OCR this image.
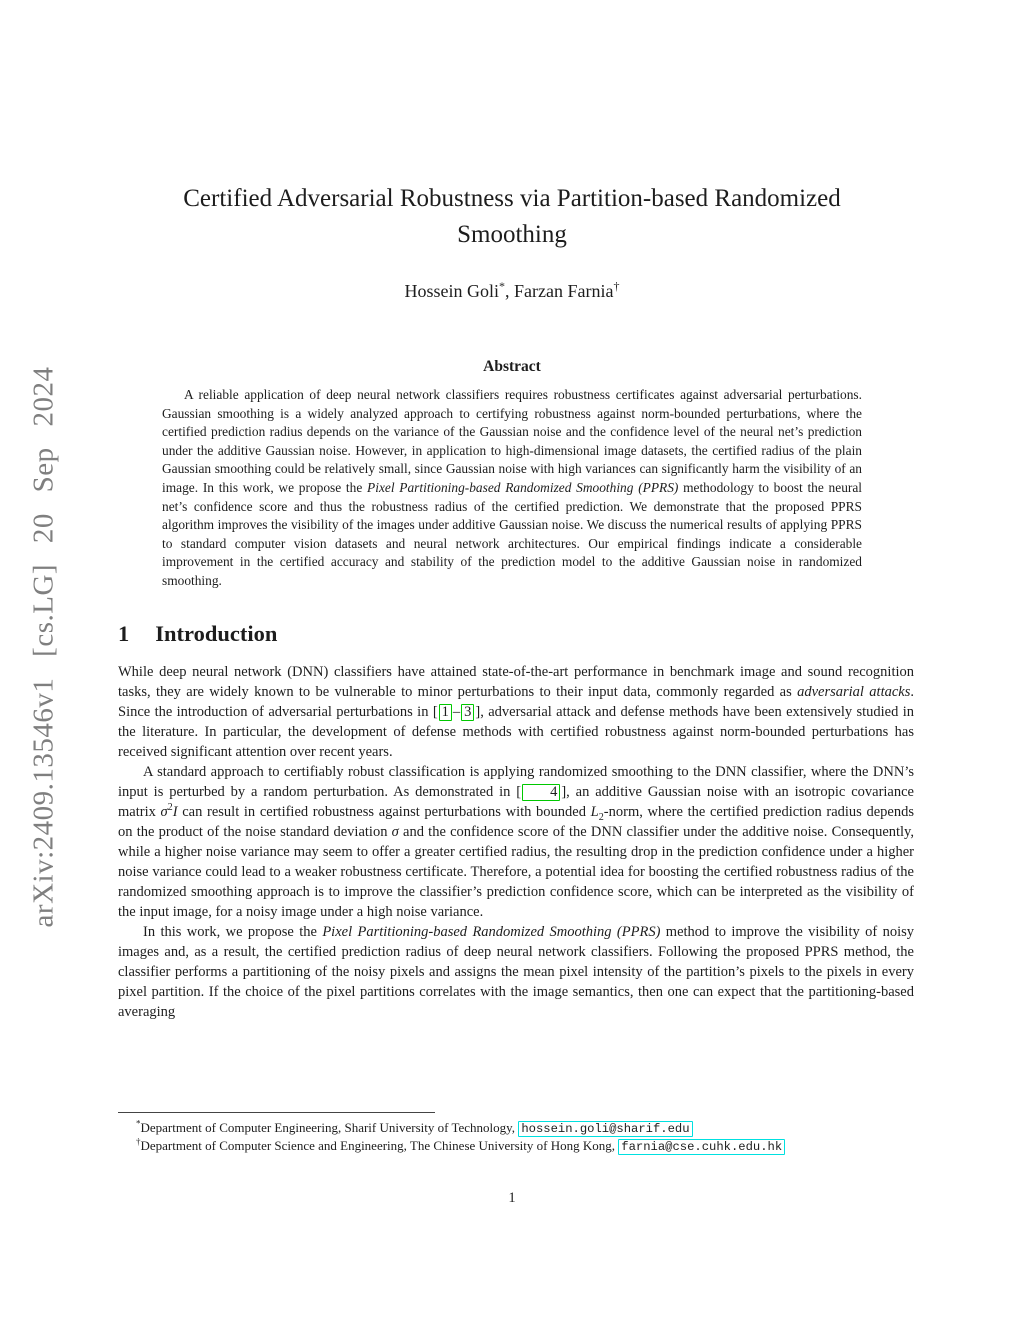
arXiv:2409.13546v1 [cs.LG] 20 Sep 2024
Certified Adversarial Robustness via Partition-based Randomized Smoothing
Hossein Goli*, Farzan Farnia†
Abstract

A reliable application of deep neural network classifiers requires robustness certificates against adversarial perturbations. Gaussian smoothing is a widely analyzed approach to certifying robustness against norm-bounded perturbations, where the certified prediction radius depends on the variance of the Gaussian noise and the confidence level of the neural net’s prediction under the additive Gaussian noise. However, in application to high-dimensional image datasets, the certified radius of the plain Gaussian smoothing could be relatively small, since Gaussian noise with high variances can significantly harm the visibility of an image. In this work, we propose the Pixel Partitioning-based Randomized Smoothing (PPRS) methodology to boost the neural net’s confidence score and thus the robustness radius of the certified prediction. We demonstrate that the proposed PPRS algorithm improves the visibility of the images under additive Gaussian noise. We discuss the numerical results of applying PPRS to standard computer vision datasets and neural network architectures. Our empirical findings indicate a considerable improvement in the certified accuracy and stability of the prediction model to the additive Gaussian noise in randomized smoothing.

1 Introduction

While deep neural network (DNN) classifiers have attained state-of-the-art performance in benchmark image and sound recognition tasks, they are widely known to be vulnerable to minor perturbations to their input data, commonly regarded as adversarial attacks. Since the introduction of adversarial perturbations in [ 1 – 3 ], adversarial attack and defense methods have been extensively studied in the literature. In particular, the development of defense methods with certified robustness against norm-bounded perturbations has received significant attention over recent years.

A standard approach to certifiably robust classification is applying randomized smoothing to the DNN classifier, where the DNN’s input is perturbed by a random perturbation. As demonstrated in [ 4 ], an additive Gaussian noise with an isotropic covariance matrix $\sigma^2I$ can result in certified robustness against perturbations with bounded $L_2$-norm, where the certified prediction radius depends on the product of the noise standard deviation σ and the confidence score of the DNN classifier under the additive noise. Consequently, while a higher noise variance may seem to offer a greater certified radius, the resulting drop in the prediction confidence under a higher noise variance could lead to a weaker robustness certificate. Therefore, a potential idea for boosting the certified robustness radius of the randomized smoothing approach is to improve the classifier’s prediction confidence score, which can be interpreted as the visibility of the input image, for a noisy image under a high noise variance.

In this work, we propose the Pixel Partitioning-based Randomized Smoothing (PPRS) method to improve the visibility of noisy images and, as a result, the certified prediction radius of deep neural network classifiers. Following the proposed PPRS method, the classifier performs a partitioning of the noisy pixels and assigns the mean pixel intensity of the partition’s pixels to the pixels in every pixel partition. If the choice of the pixel partitions correlates with the image semantics, then one can expect that the partitioning-based averaging

*Department of Computer Engineering, Sharif University of Technology, hossein.goli@sharif.edu
†Department of Computer Science and Engineering, The Chinese University of Hong Kong, farnia@cse.cuhk.edu.hk
1
